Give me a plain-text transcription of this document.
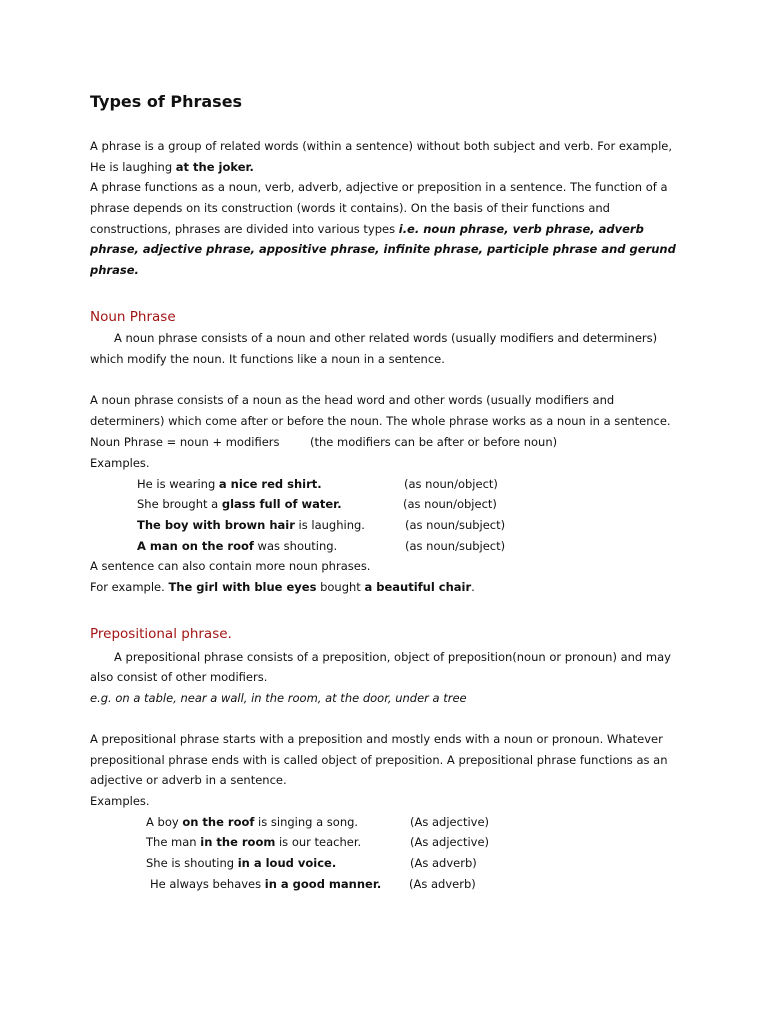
Types of Phrases
A phrase is a group of related words (within a sentence) without both subject and verb. For example,
He is laughing at the joker.
A phrase functions as a noun, verb, adverb, adjective or preposition in a sentence. The function of a
phrase depends on its construction (words it contains). On the basis of their functions and
constructions, phrases are divided into various types i.e. noun phrase, verb phrase, adverb
phrase, adjective phrase, appositive phrase, infinite phrase, participle phrase and gerund
phrase.
Noun Phrase
A noun phrase consists of a noun and other related words (usually modifiers and determiners)
which modify the noun. It functions like a noun in a sentence.
A noun phrase consists of a noun as the head word and other words (usually modifiers and
determiners) which come after or before the noun. The whole phrase works as a noun in a sentence.
Noun Phrase = noun + modifiers	(the modifiers can be after or before noun)
Examples.
He is wearing a nice red shirt.	(as noun/object)
She brought a glass full of water.	(as noun/object)
The boy with brown hair is laughing.	(as noun/subject)
A man on the roof was shouting.	(as noun/subject)
A sentence can also contain more noun phrases.
For example. The girl with blue eyes bought a beautiful chair.
Prepositional phrase.
A prepositional phrase consists of a preposition, object of preposition(noun or pronoun) and may
also consist of other modifiers.
e.g. on a table, near a wall, in the room, at the door, under a tree
A prepositional phrase starts with a preposition and mostly ends with a noun or pronoun. Whatever
prepositional phrase ends with is called object of preposition. A prepositional phrase functions as an
adjective or adverb in a sentence.
Examples.
A boy on the roof is singing a song.	(As adjective)
The man in the room is our teacher.	(As adjective)
She is shouting in a loud voice.	(As adverb)
He always behaves in a good manner. (As adverb)
